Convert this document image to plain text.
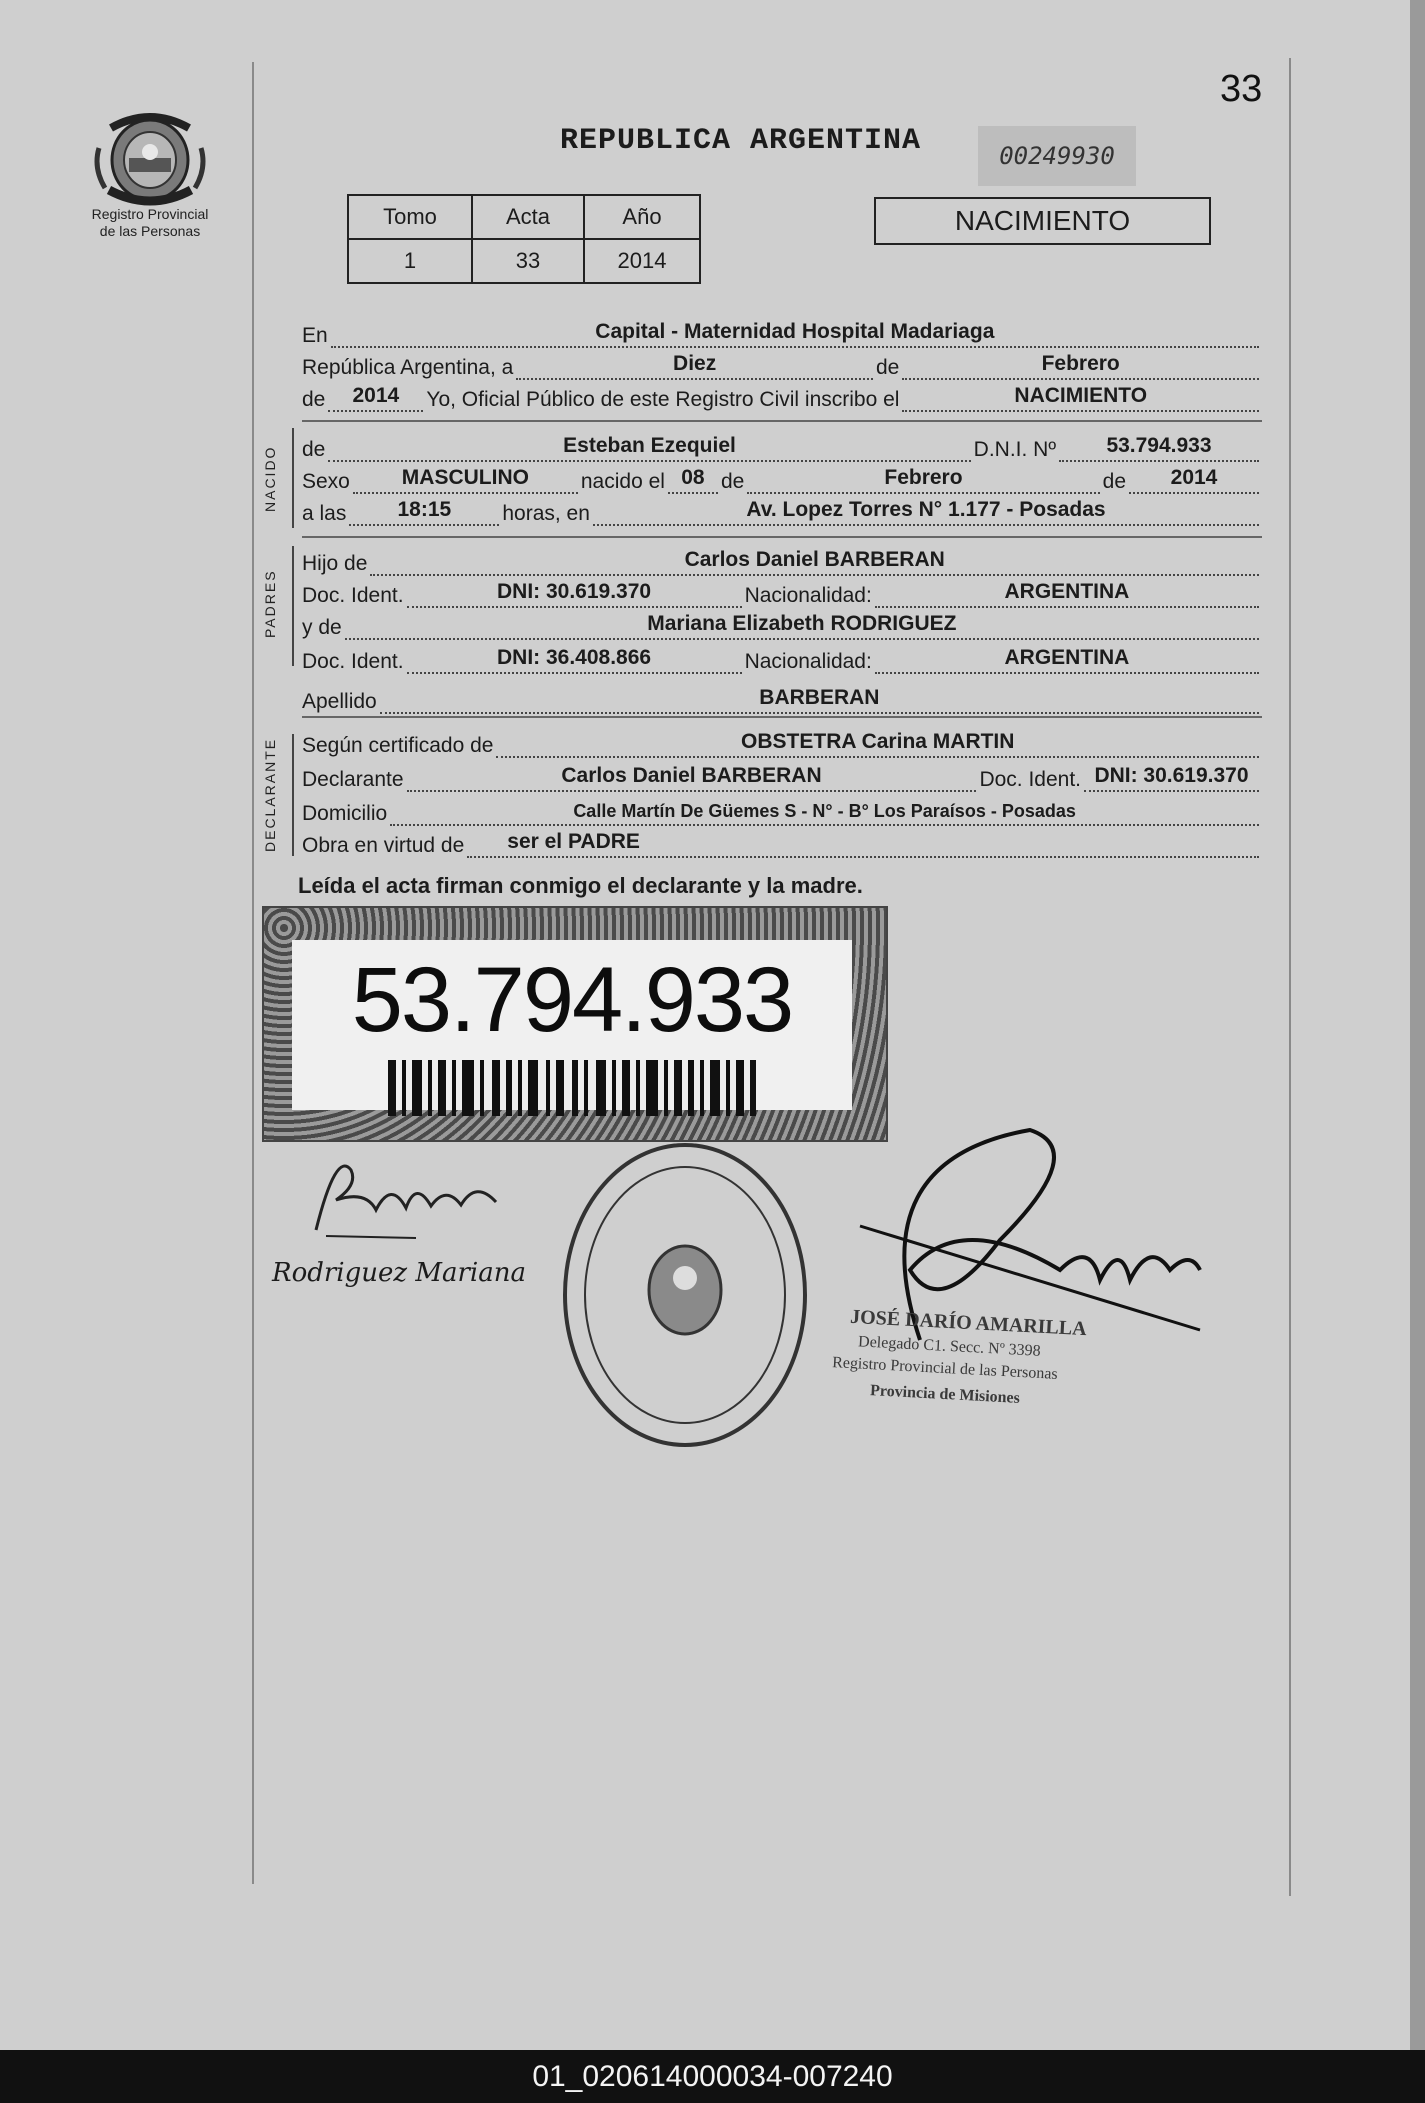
Registro Provincial
de las Personas
33
REPUBLICA ARGENTINA	00249930
Tomo	Acta	Año
1	33	2014
NACIMIENTO
En	Capital - Maternidad Hospital Madariaga
República Argentina, a	Diez	de	Febrero
de	2014	Yo, Oficial Público de este Registro Civil inscribo el	NACIMIENTO
NACIDO de	Esteban Ezequiel	D.N.I. Nº	53.794.933
Sexo	MASCULINO	nacido el 08 de	Febrero	de	2014
a las	18:15	horas, en	Av. Lopez Torres N° 1.177 - Posadas
PADRES
Hijo de	Carlos Daniel BARBERAN
Doc. Ident.	DNI: 30.619.370	Nacionalidad:	ARGENTINA
y de	Mariana Elizabeth RODRIGUEZ
Doc. Ident.	DNI: 36.408.866	Nacionalidad:	ARGENTINA
Apellido	BARBERAN
DECLARANTE Según certificado de	OBSTETRA Carina MARTIN
Declarante	Carlos Daniel BARBERAN	Doc. Ident. DNI: 30.619.370
Domicilio	Calle Martín De Güemes S - N° - B° Los Paraísos - Posadas
Obra en virtud de	ser el PADRE
Leída el acta firman conmigo el declarante y la madre.
53.794.933
Rodriguez Mariana
JOSÉ DARÍO AMARILLA
Delegado C1. Secc. Nº 3398
Registro Provincial de las Personas
Provincia de Misiones
01_020614000034-007240
